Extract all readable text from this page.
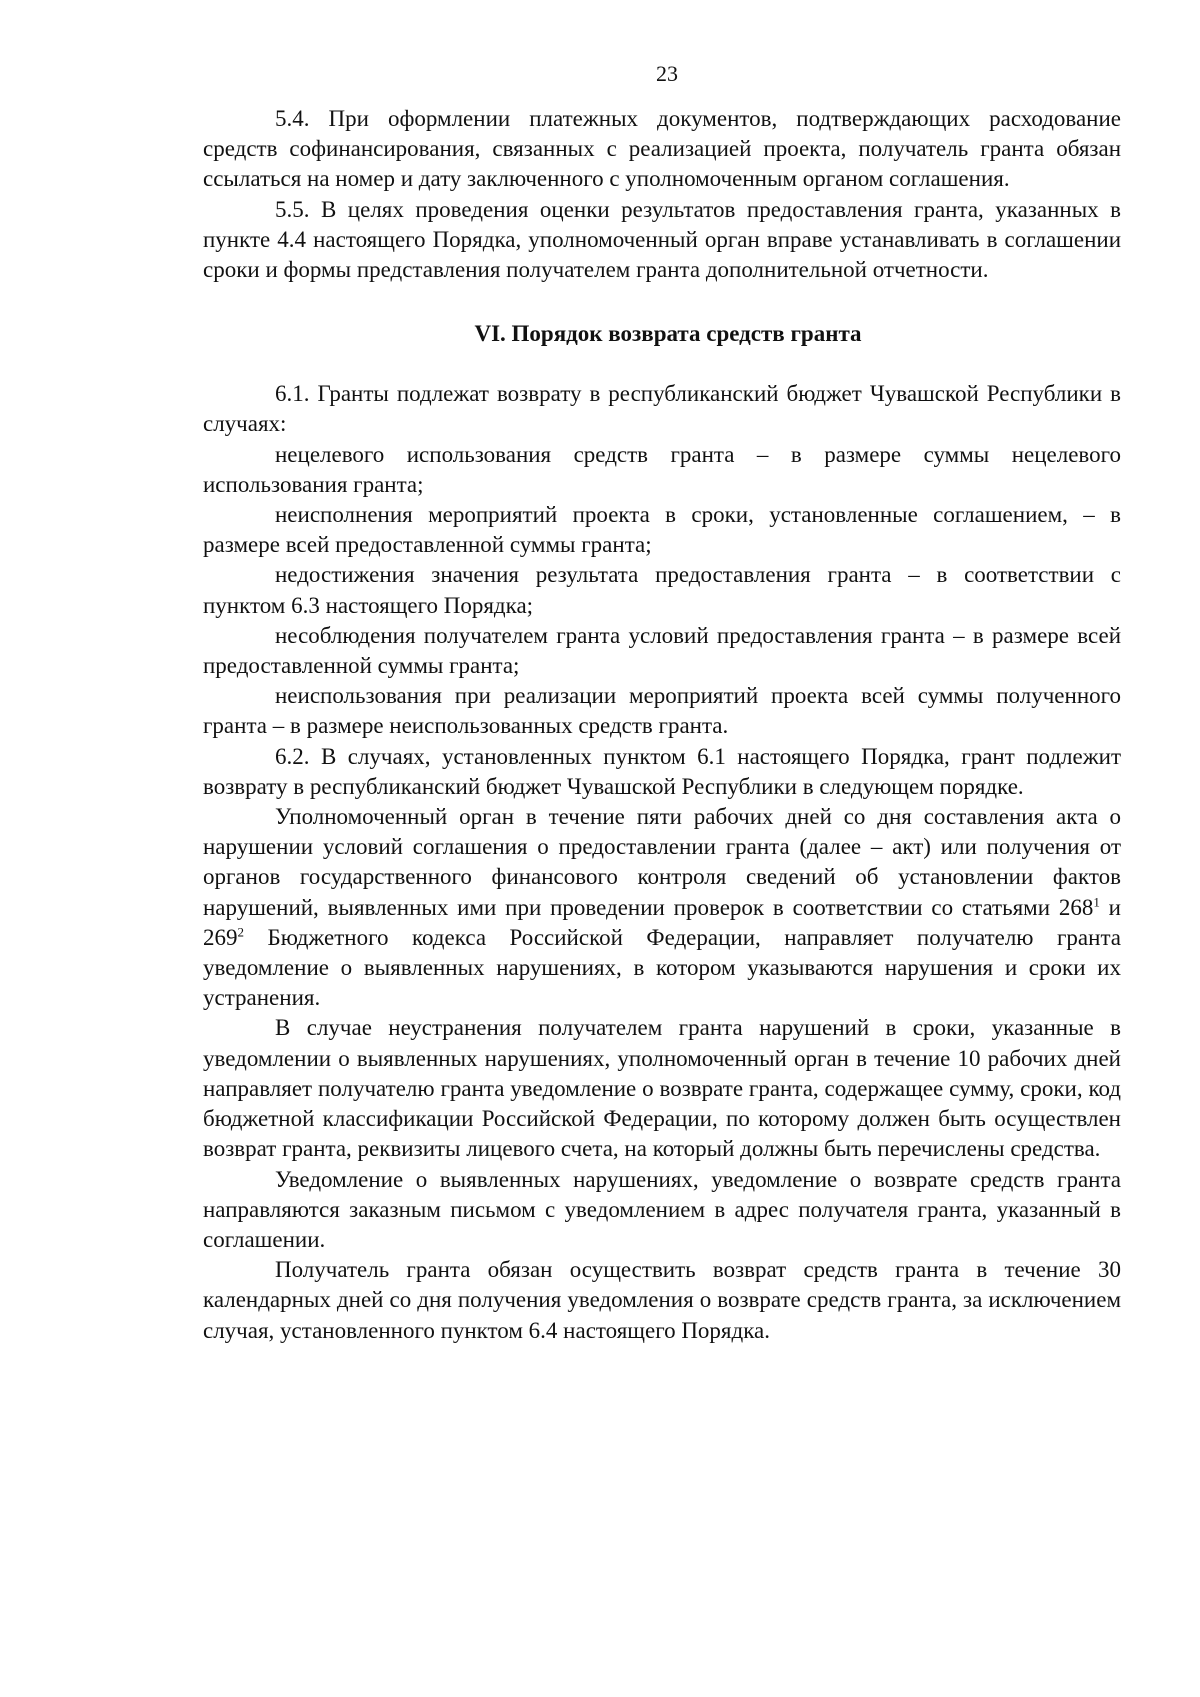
23

5.4. При оформлении платежных документов, подтверждающих расходование средств софинансирования, связанных с реализацией проекта, получатель гранта обязан ссылаться на номер и дату заключенного с уполномоченным органом соглашения.

5.5. В целях проведения оценки результатов предоставления гранта, указанных в пункте 4.4 настоящего Порядка, уполномоченный орган вправе устанавливать в соглашении сроки и формы представления получателем гранта дополнительной отчетности.

VI. Порядок возврата средств гранта

6.1. Гранты подлежат возврату в республиканский бюджет Чувашской Республики в случаях:

нецелевого использования средств гранта – в размере суммы нецелевого использования гранта;

неисполнения мероприятий проекта в сроки, установленные соглашением, – в размере всей предоставленной суммы гранта;

недостижения значения результата предоставления гранта – в соответствии с пунктом 6.3 настоящего Порядка;

несоблюдения получателем гранта условий предоставления гранта – в размере всей предоставленной суммы гранта;

неиспользования при реализации мероприятий проекта всей суммы полученного гранта – в размере неиспользованных средств гранта.

6.2. В случаях, установленных пунктом 6.1 настоящего Порядка, грант подлежит возврату в республиканский бюджет Чувашской Республики в следующем порядке.

Уполномоченный орган в течение пяти рабочих дней со дня составления акта о нарушении условий соглашения о предоставлении гранта (далее – акт) или получения от органов государственного финансового контроля сведений об установлении фактов нарушений, выявленных ими при проведении проверок в соответствии со статьями $268^1$ и $269^2$ Бюджетного кодекса Российской Федерации, направляет получателю гранта уведомление о выявленных нарушениях, в котором указываются нарушения и сроки их устранения.

В случае неустранения получателем гранта нарушений в сроки, указанные в уведомлении о выявленных нарушениях, уполномоченный орган в течение 10 рабочих дней направляет получателю гранта уведомление о возврате гранта, содержащее сумму, сроки, код бюджетной классификации Российской Федерации, по которому должен быть осуществлен возврат гранта, реквизиты лицевого счета, на который должны быть перечислены средства.

Уведомление о выявленных нарушениях, уведомление о возврате средств гранта направляются заказным письмом с уведомлением в адрес получателя гранта, указанный в соглашении.

Получатель гранта обязан осуществить возврат средств гранта в течение 30 календарных дней со дня получения уведомления о возврате средств гранта, за исключением случая, установленного пунктом 6.4 настоящего Порядка.
